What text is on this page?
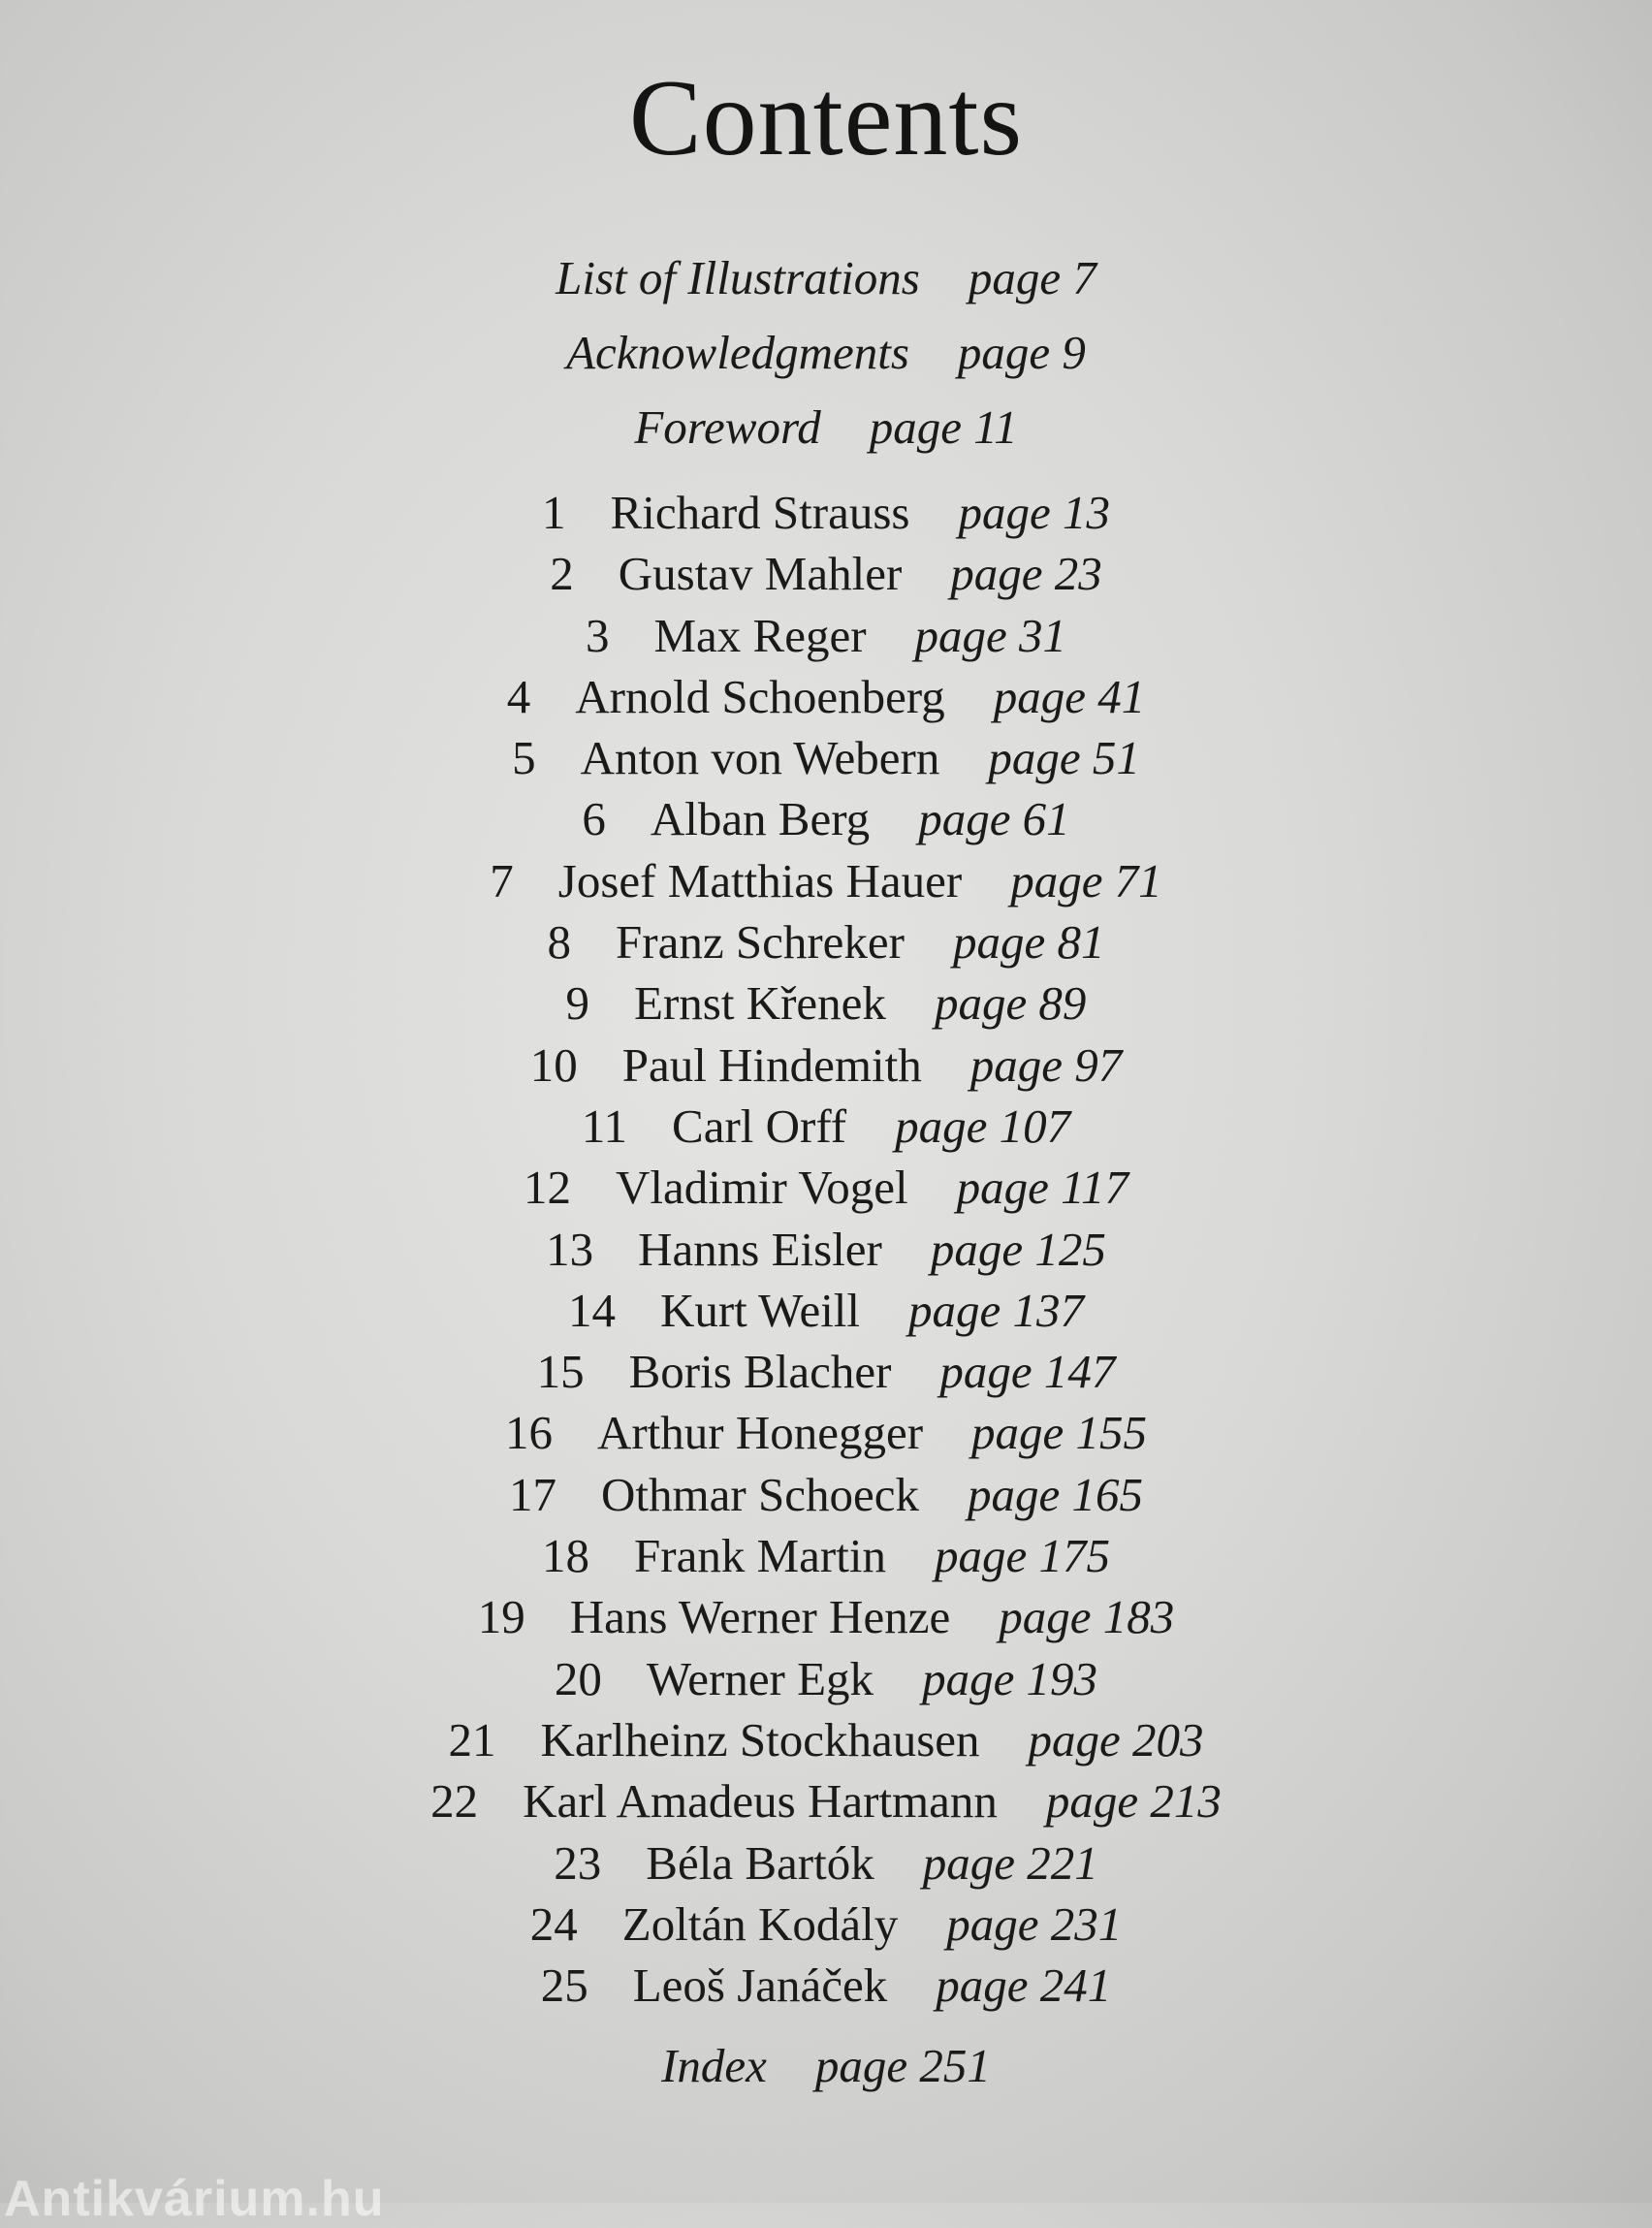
Contents
List of Illustrations page 7
Acknowledgments page 9
Foreword page 11
1 Richard Strauss page 13
2 Gustav Mahler page 23
3 Max Reger page 31
4 Arnold Schoenberg page 41
5 Anton von Webern page 51
6 Alban Berg page 61
7 Josef Matthias Hauer page 71
8 Franz Schreker page 81
9 Ernst Křenek page 89
10 Paul Hindemith page 97
11 Carl Orff page 107
12 Vladimir Vogel page 117
13 Hanns Eisler page 125
14 Kurt Weill page 137
15 Boris Blacher page 147
16 Arthur Honegger page 155
17 Othmar Schoeck page 165
18 Frank Martin page 175
19 Hans Werner Henze page 183
20 Werner Egk page 193
21 Karlheinz Stockhausen page 203
22 Karl Amadeus Hartmann page 213
23 Béla Bartók page 221
24 Zoltán Kodály page 231
25 Leoš Janáček page 241
Index page 251
Antikvárium.hu
